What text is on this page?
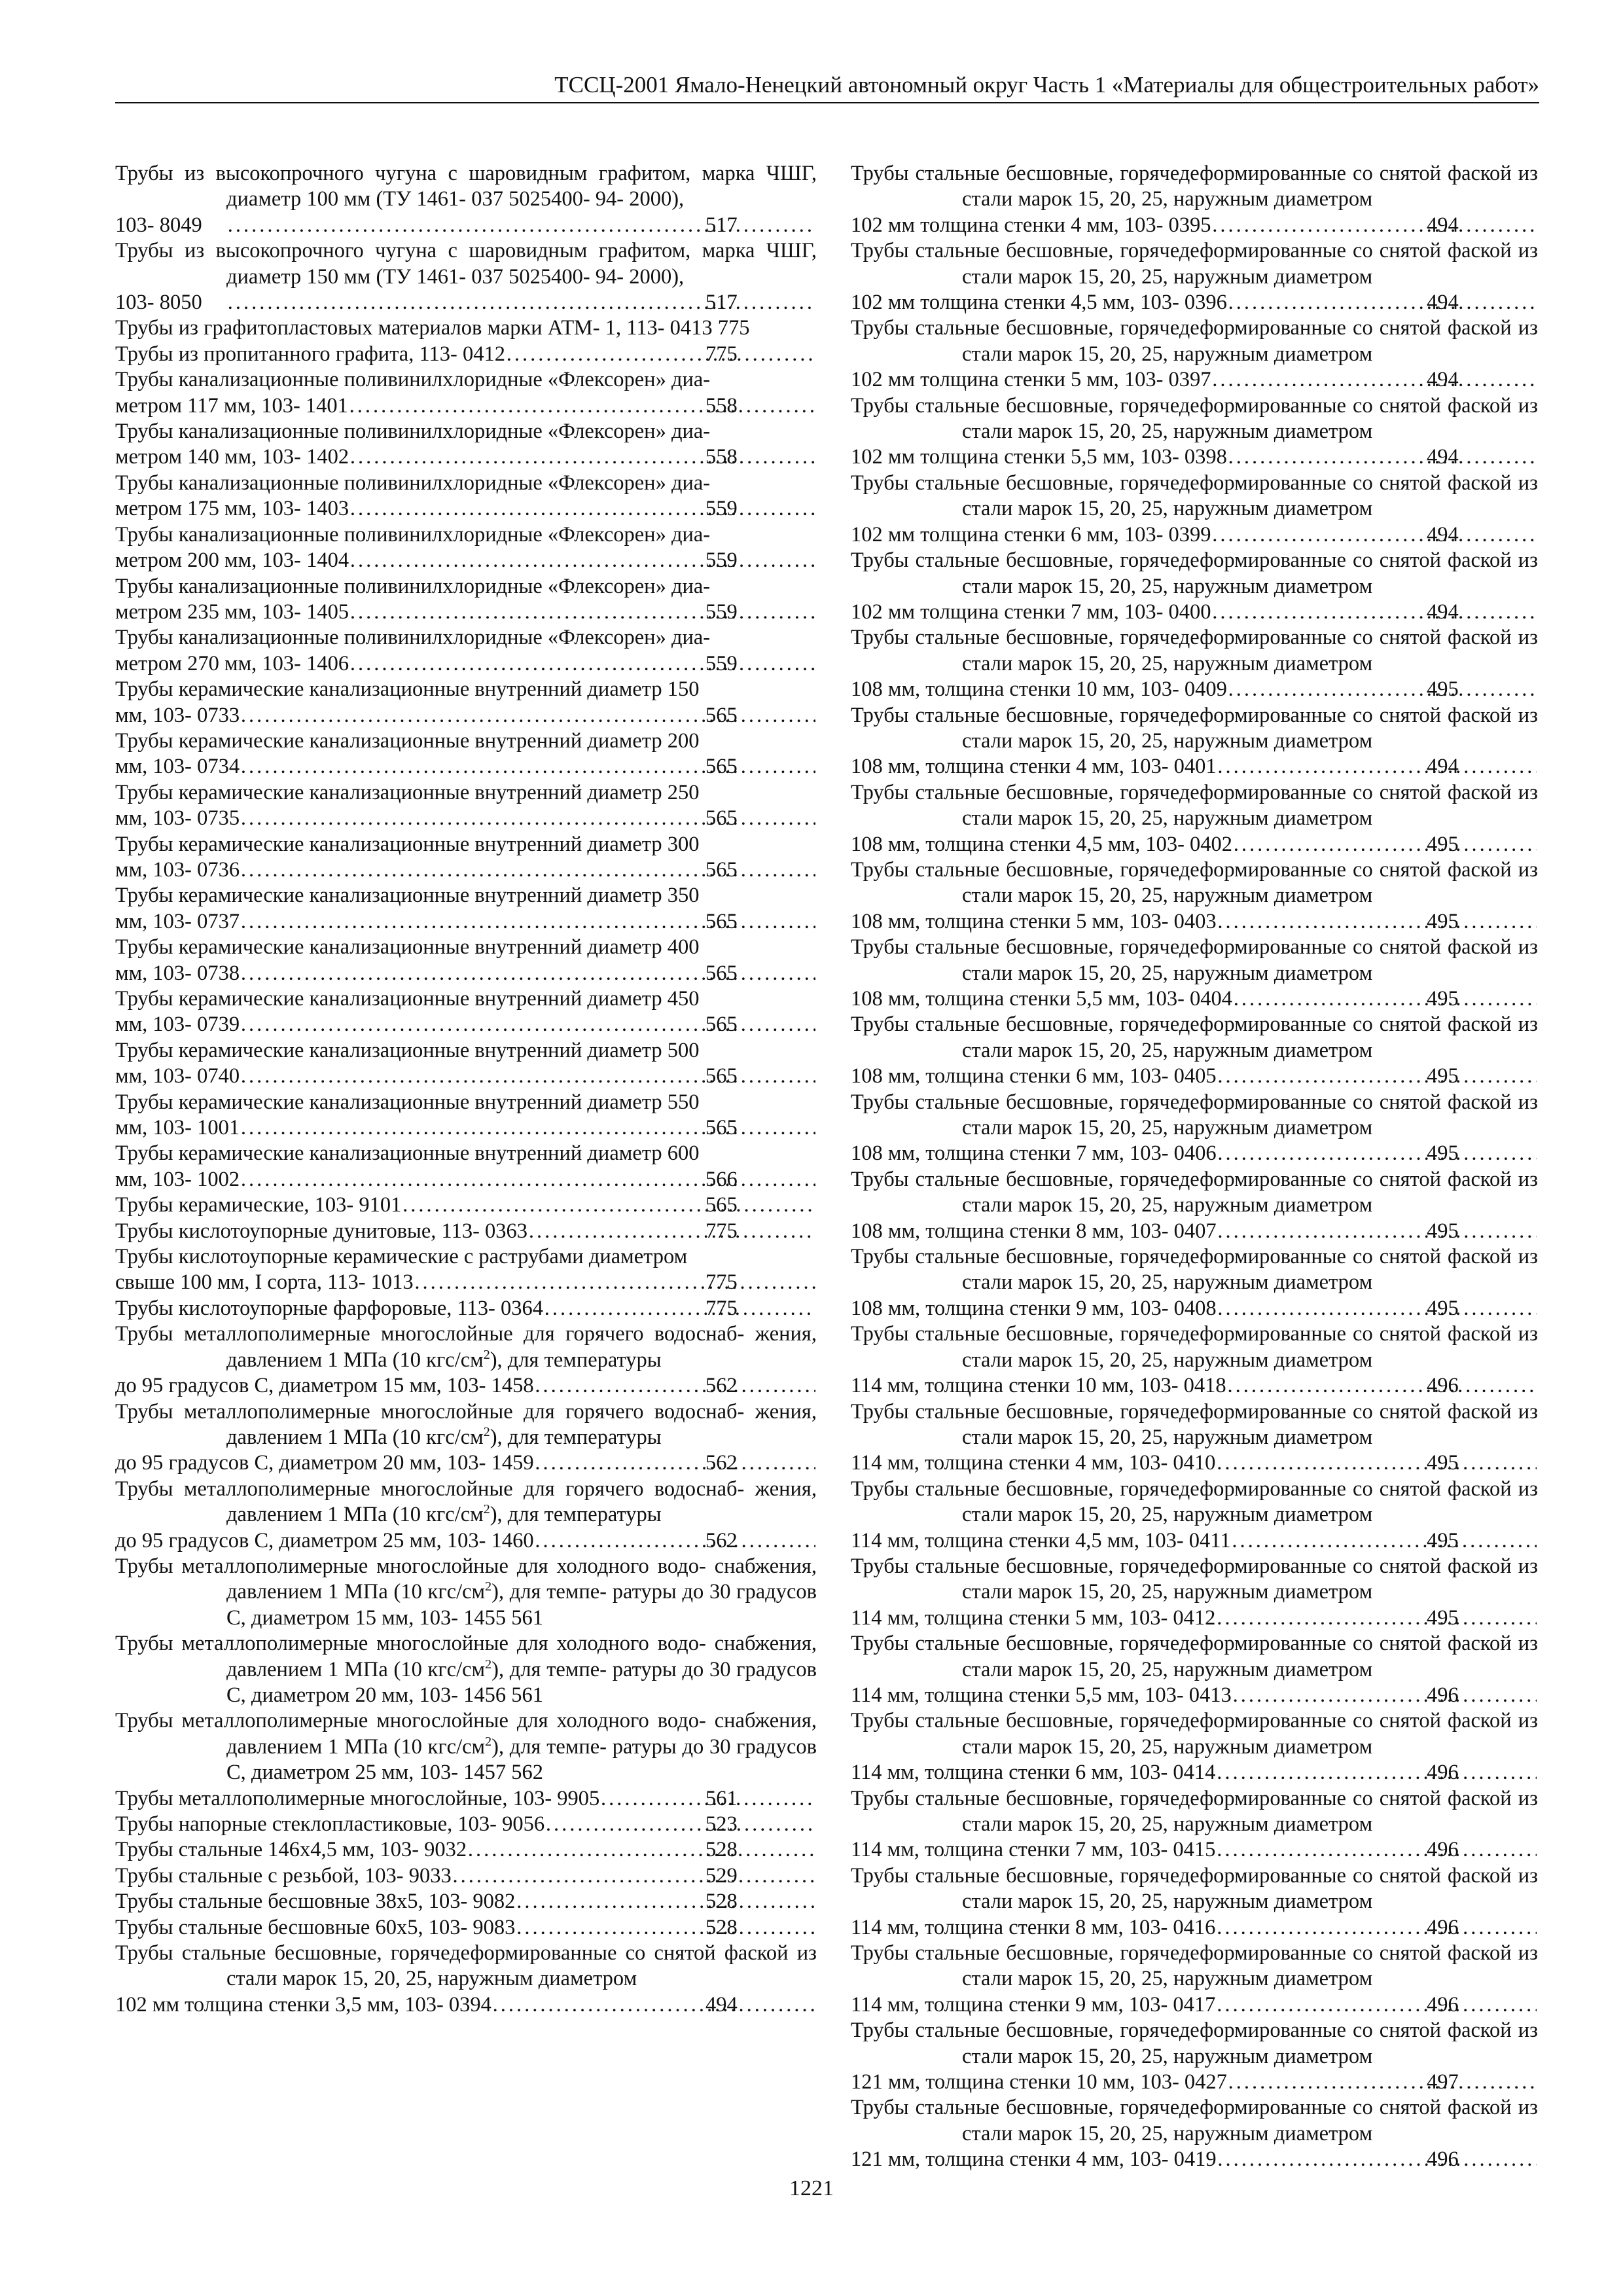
ТССЦ-2001 Ямало-Ненецкий автономный округ Часть 1 «Материалы для общестроительных работ»
Трубы из высокопрочного чугуна с шаровидным графитом, марка ЧШГ, диаметр 100 мм (ТУ 1461- 037 5025400- 94- 2000),
103- 8049 .....	517
Трубы из высокопрочного чугуна с шаровидным графитом, марка ЧШГ, диаметр 150 мм (ТУ 1461- 037 5025400- 94- 2000),
103- 8050 .....	517
Трубы из графитопластовых материалов марки АТМ- 1, 113- 0413 775
Трубы из пропитанного графита, 113- 0412 .....	775
Трубы канализационные поливинилхлоридные «Флексорен» диа-
метром 117 мм, 103- 1401 .....	558
Трубы канализационные поливинилхлоридные «Флексорен» диа-
метром 140 мм, 103- 1402 .....	558
Трубы канализационные поливинилхлоридные «Флексорен» диа-
метром 175 мм, 103- 1403 .....	559
Трубы канализационные поливинилхлоридные «Флексорен» диа-
метром 200 мм, 103- 1404 .....	559
Трубы канализационные поливинилхлоридные «Флексорен» диа-
метром 235 мм, 103- 1405 .....	559
Трубы канализационные поливинилхлоридные «Флексорен» диа-
метром 270 мм, 103- 1406 .....	559
Трубы керамические канализационные внутренний диаметр 150
мм, 103- 0733 .....	565
Трубы керамические канализационные внутренний диаметр 200
мм, 103- 0734 .....	565
Трубы керамические канализационные внутренний диаметр 250
мм, 103- 0735 .....	565
Трубы керамические канализационные внутренний диаметр 300
мм, 103- 0736 .....	565
Трубы керамические канализационные внутренний диаметр 350
мм, 103- 0737 .....	565
Трубы керамические канализационные внутренний диаметр 400
мм, 103- 0738 .....	565
Трубы керамические канализационные внутренний диаметр 450
мм, 103- 0739 .....	565
Трубы керамические канализационные внутренний диаметр 500
мм, 103- 0740 .....	565
Трубы керамические канализационные внутренний диаметр 550
мм, 103- 1001 .....	565
Трубы керамические канализационные внутренний диаметр 600
мм, 103- 1002 .....	566
Трубы керамические, 103- 9101 .....	565
Трубы кислотоупорные дунитовые, 113- 0363 .....	775
Трубы кислотоупорные керамические с раструбами диаметром
свыше 100 мм, I сорта, 113- 1013 .....	775
Трубы кислотоупорные фарфоровые, 113- 0364 .....	775
Трубы металлополимерные многослойные для горячего водоснаб- жения, давлением 1 МПа (10 кгс/$см^2$), для температуры
до 95 градусов С, диаметром 15 мм, 103- 1458 .....	562
Трубы металлополимерные многослойные для горячего водоснаб- жения, давлением 1 МПа (10 кгс/$см^2$), для температуры
до 95 градусов С, диаметром 20 мм, 103- 1459 .....	562
Трубы металлополимерные многослойные для горячего водоснаб- жения, давлением 1 МПа (10 кгс/$см^2$), для температуры
до 95 градусов С, диаметром 25 мм, 103- 1460 .....	562
Трубы металлополимерные многослойные для холодного водо- снабжения, давлением 1 МПа (10 кгс/$см^2$), для темпе- ратуры до 30 градусов С, диаметром 15 мм, 103- 1455 561
Трубы металлополимерные многослойные для холодного водо- снабжения, давлением 1 МПа (10 кгс/$см^2$), для темпе- ратуры до 30 градусов С, диаметром 20 мм, 103- 1456 561
Трубы металлополимерные многослойные для холодного водо- снабжения, давлением 1 МПа (10 кгс/$см^2$), для темпе- ратуры до 30 градусов С, диаметром 25 мм, 103- 1457 562
Трубы металлополимерные многослойные, 103- 9905 .....	561
Трубы напорные стеклопластиковые, 103- 9056 .....	523
Трубы стальные 146х4,5 мм, 103- 9032 .....	528
Трубы стальные с резьбой, 103- 9033 .....	529
Трубы стальные бесшовные 38х5, 103- 9082 .....	528
Трубы стальные бесшовные 60х5, 103- 9083 .....	528
Трубы стальные бесшовные, горячедеформированные со снятой фаской из стали марок 15, 20, 25, наружным диаметром
102 мм толщина стенки 3,5 мм, 103- 0394 .....	494
Трубы стальные бесшовные, горячедеформированные со снятой фаской из стали марок 15, 20, 25, наружным диаметром
102 мм толщина стенки 4 мм, 103- 0395 .....	494
Трубы стальные бесшовные, горячедеформированные со снятой фаской из стали марок 15, 20, 25, наружным диаметром
102 мм толщина стенки 4,5 мм, 103- 0396 .....	494
Трубы стальные бесшовные, горячедеформированные со снятой фаской из стали марок 15, 20, 25, наружным диаметром
102 мм толщина стенки 5 мм, 103- 0397 .....	494
Трубы стальные бесшовные, горячедеформированные со снятой фаской из стали марок 15, 20, 25, наружным диаметром
102 мм толщина стенки 5,5 мм, 103- 0398 .....	494
Трубы стальные бесшовные, горячедеформированные со снятой фаской из стали марок 15, 20, 25, наружным диаметром
102 мм толщина стенки 6 мм, 103- 0399 .....	494
Трубы стальные бесшовные, горячедеформированные со снятой фаской из стали марок 15, 20, 25, наружным диаметром
102 мм толщина стенки 7 мм, 103- 0400 .....	494
Трубы стальные бесшовные, горячедеформированные со снятой фаской из стали марок 15, 20, 25, наружным диаметром
108 мм, толщина стенки 10 мм, 103- 0409 .....	495
Трубы стальные бесшовные, горячедеформированные со снятой фаской из стали марок 15, 20, 25, наружным диаметром
108 мм, толщина стенки 4 мм, 103- 0401 .....	494
Трубы стальные бесшовные, горячедеформированные со снятой фаской из стали марок 15, 20, 25, наружным диаметром
108 мм, толщина стенки 4,5 мм, 103- 0402 .....	495
Трубы стальные бесшовные, горячедеформированные со снятой фаской из стали марок 15, 20, 25, наружным диаметром
108 мм, толщина стенки 5 мм, 103- 0403 .....	495
Трубы стальные бесшовные, горячедеформированные со снятой фаской из стали марок 15, 20, 25, наружным диаметром
108 мм, толщина стенки 5,5 мм, 103- 0404 .....	495
Трубы стальные бесшовные, горячедеформированные со снятой фаской из стали марок 15, 20, 25, наружным диаметром
108 мм, толщина стенки 6 мм, 103- 0405 .....	495
Трубы стальные бесшовные, горячедеформированные со снятой фаской из стали марок 15, 20, 25, наружным диаметром
108 мм, толщина стенки 7 мм, 103- 0406 .....	495
Трубы стальные бесшовные, горячедеформированные со снятой фаской из стали марок 15, 20, 25, наружным диаметром
108 мм, толщина стенки 8 мм, 103- 0407 .....	495
Трубы стальные бесшовные, горячедеформированные со снятой фаской из стали марок 15, 20, 25, наружным диаметром
108 мм, толщина стенки 9 мм, 103- 0408 .....	495
Трубы стальные бесшовные, горячедеформированные со снятой фаской из стали марок 15, 20, 25, наружным диаметром
114 мм, толщина стенки 10 мм, 103- 0418 .....	496
Трубы стальные бесшовные, горячедеформированные со снятой фаской из стали марок 15, 20, 25, наружным диаметром
114 мм, толщина стенки 4 мм, 103- 0410 .....	495
Трубы стальные бесшовные, горячедеформированные со снятой фаской из стали марок 15, 20, 25, наружным диаметром
114 мм, толщина стенки 4,5 мм, 103- 0411 .....	495
Трубы стальные бесшовные, горячедеформированные со снятой фаской из стали марок 15, 20, 25, наружным диаметром
114 мм, толщина стенки 5 мм, 103- 0412 .....	495
Трубы стальные бесшовные, горячедеформированные со снятой фаской из стали марок 15, 20, 25, наружным диаметром
114 мм, толщина стенки 5,5 мм, 103- 0413 .....	496
Трубы стальные бесшовные, горячедеформированные со снятой фаской из стали марок 15, 20, 25, наружным диаметром
114 мм, толщина стенки 6 мм, 103- 0414 .....	496
Трубы стальные бесшовные, горячедеформированные со снятой фаской из стали марок 15, 20, 25, наружным диаметром
114 мм, толщина стенки 7 мм, 103- 0415 .....	496
Трубы стальные бесшовные, горячедеформированные со снятой фаской из стали марок 15, 20, 25, наружным диаметром
114 мм, толщина стенки 8 мм, 103- 0416 .....	496
Трубы стальные бесшовные, горячедеформированные со снятой фаской из стали марок 15, 20, 25, наружным диаметром
114 мм, толщина стенки 9 мм, 103- 0417 .....	496
Трубы стальные бесшовные, горячедеформированные со снятой фаской из стали марок 15, 20, 25, наружным диаметром
121 мм, толщина стенки 10 мм, 103- 0427 .....	497
Трубы стальные бесшовные, горячедеформированные со снятой фаской из стали марок 15, 20, 25, наружным диаметром
121 мм, толщина стенки 4 мм, 103- 0419 .....	496
1221
